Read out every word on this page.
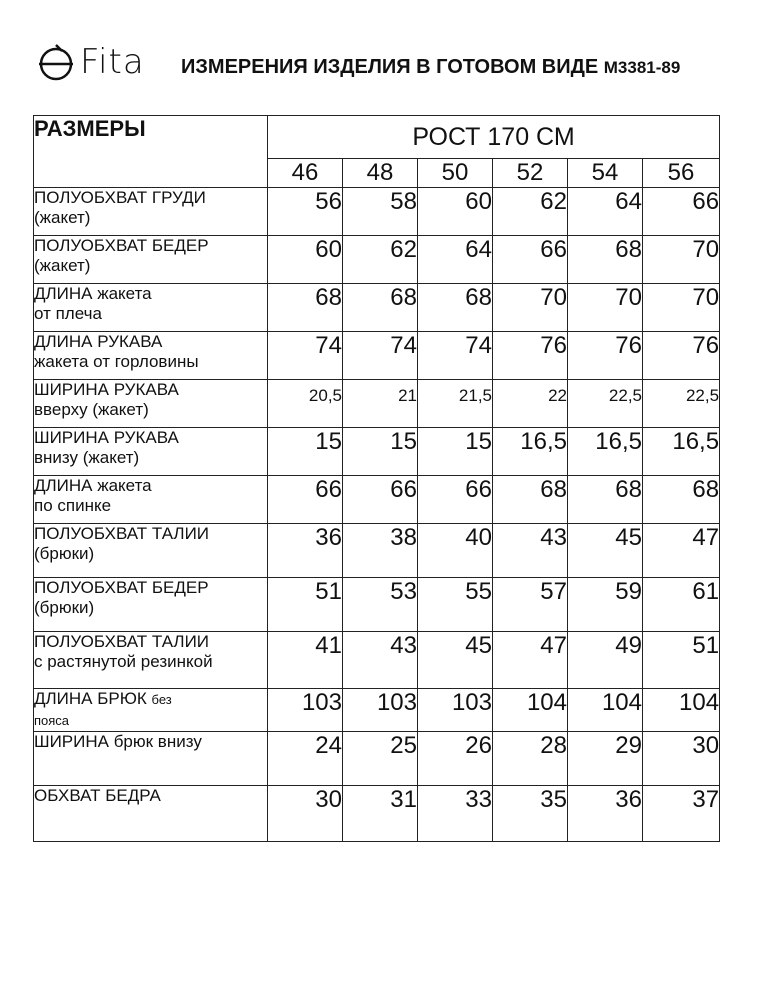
Fita ИЗМЕРЕНИЯ ИЗДЕЛИЯ В ГОТОВОМ ВИДЕ М3381-89
РАЗМЕРЫ	РОСТ 170 СМ					
	46	48	50	52	54	56
ПОЛУОБХВАТ ГРУДИ
(жакет)	56	58	60	62	64	66
ПОЛУОБХВАТ БЕДЕР
(жакет)	60	62	64	66	68	70
ДЛИНА жакета
от плеча	68	68	68	70	70	70
ДЛИНА РУКАВА
жакета от горловины	74	74	74	76	76	76
ШИРИНА РУКАВА
вверху (жакет)	20,5	21	21,5	22	22,5	22,5
ШИРИНА РУКАВА
внизу (жакет)	15	15	15	16,5	16,5	16,5
ДЛИНА жакета
по спинке	66	66	66	68	68	68
ПОЛУОБХВАТ ТАЛИИ
(брюки)	36	38	40	43	45	47
ПОЛУОБХВАТ БЕДЕР
(брюки)	51	53	55	57	59	61
ПОЛУОБХВАТ ТАЛИИ
с растянутой резинкой	41	43	45	47	49	51
ДЛИНА БРЮК без
пояса	103	103	103	104	104	104
ШИРИНА брюк внизу	24	25	26	28	29	30
ОБХВАТ БЕДРА	30	31	33	35	36	37
